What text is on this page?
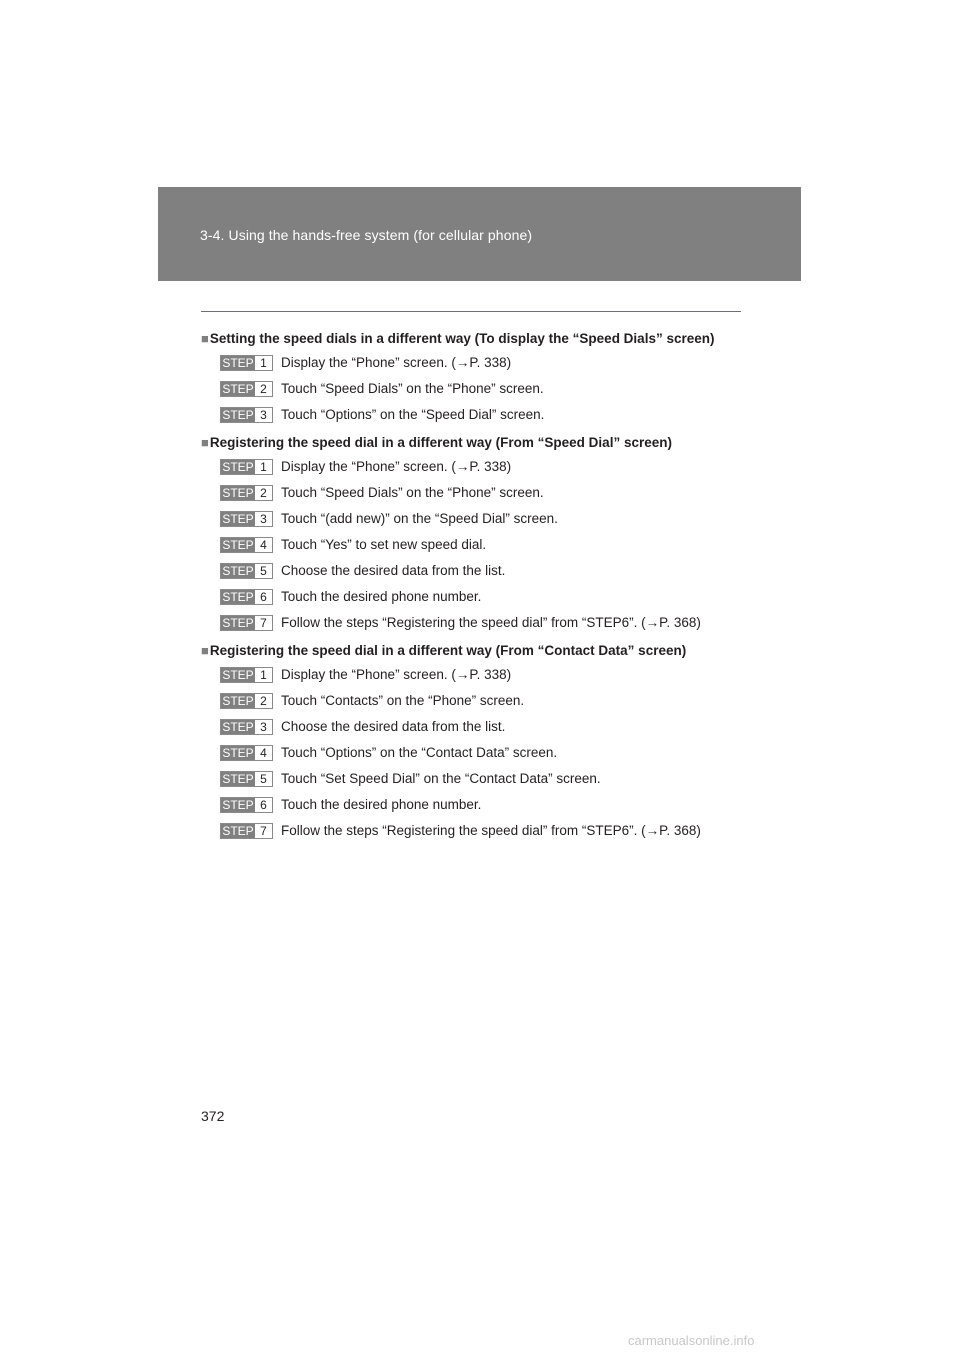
3-4. Using the hands-free system (for cellular phone)
■Setting the speed dials in a different way (To display the “Speed Dials” screen)
STEP 1	Display the “Phone” screen. (→P. 338)
STEP 2	Touch “Speed Dials” on the “Phone” screen.
STEP 3	Touch “Options” on the “Speed Dial” screen.
■Registering the speed dial in a different way (From “Speed Dial” screen)
STEP 1	Display the “Phone” screen. (→P. 338)
STEP 2	Touch “Speed Dials” on the “Phone” screen.
STEP 3	Touch “(add new)” on the “Speed Dial” screen.
STEP 4	Touch “Yes” to set new speed dial.
STEP 5	Choose the desired data from the list.
STEP 6	Touch the desired phone number.
STEP 7	Follow the steps “Registering the speed dial” from “STEP6”. (→P. 368)
■Registering the speed dial in a different way (From “Contact Data” screen)
STEP 1	Display the “Phone” screen. (→P. 338)
STEP 2	Touch “Contacts” on the “Phone” screen.
STEP 3	Choose the desired data from the list.
STEP 4	Touch “Options” on the “Contact Data” screen.
STEP 5	Touch “Set Speed Dial” on the “Contact Data” screen.
STEP 6	Touch the desired phone number.
STEP 7	Follow the steps “Registering the speed dial” from “STEP6”. (→P. 368)
372
carmanualsonline.info
